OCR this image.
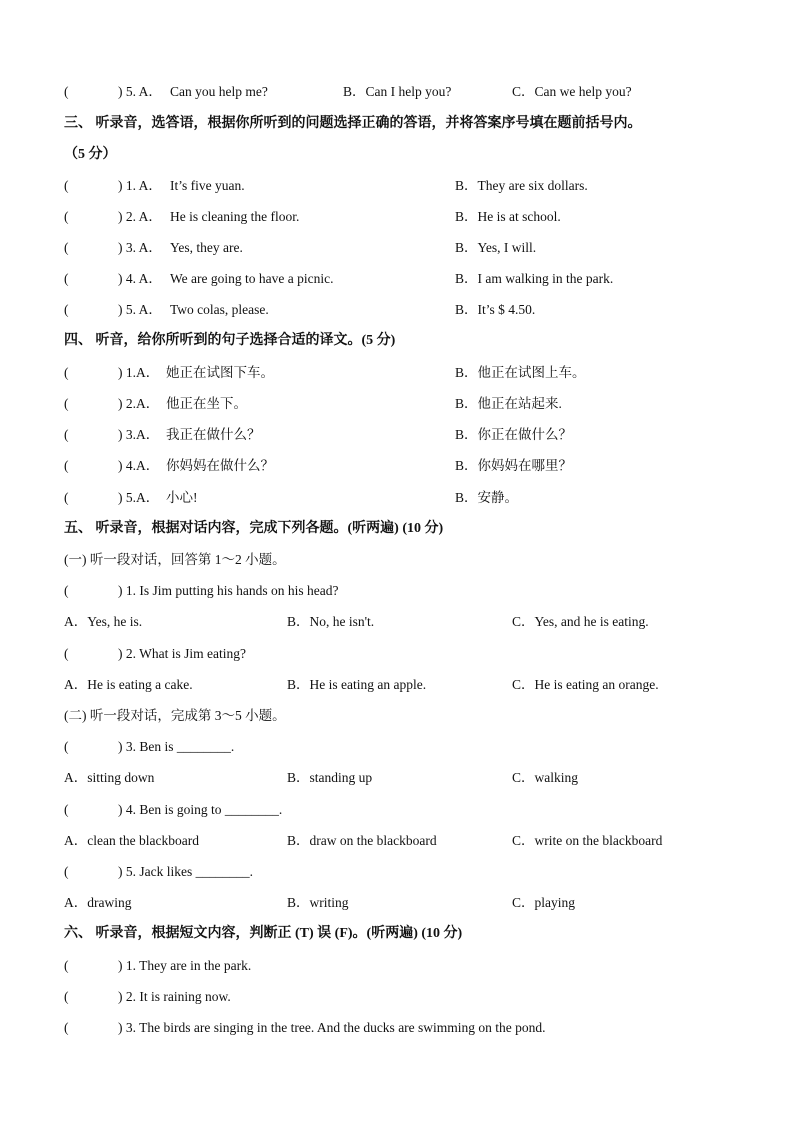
(	) 5. A． Can you help me?	B．Can I help you?	C．Can we help you?
三、 听录音，选答语，根据你所听到的问题选择正确的答语，并将答案序号填在题前括号内。
（5 分）
(	) 1. A． It’s five yuan.	B．They are six dollars.
(	) 2. A． He is cleaning the floor.	B．He is at school.
(	) 3. A． Yes, they are.	B．Yes, I will.
(	) 4. A． We are going to have a picnic.	B．I am walking in the park.
(	) 5. A． Two colas, please.	B．It’s $ 4.50.
四、 听音，给你所听到的句子选择合适的译文。(5 分)
(	) 1.A． 她正在试图下车。	B．他正在试图上车。
(	) 2.A． 他正在坐下。	B．他正在站起来.
(	) 3.A． 我正在做什么？	B．你正在做什么？
(	) 4.A． 你妈妈在做什么？	B．你妈妈在哪里？
(	) 5.A． 小心!	B．安静。
五、 听录音，根据对话内容，完成下列各题。(听两遍) (10 分)
(一) 听一段对话，回答第 1～2 小题。
(	) 1. Is Jim putting his hands on his head?
A．Yes, he is.	B．No, he isn't.	C．Yes, and he is eating.
(	) 2. What is Jim eating?
A．He is eating a cake.	B．He is eating an apple.	C．He is eating an orange.
(二) 听一段对话，完成第 3～5 小题。
(	) 3. Ben is ________.
A．sitting down	B．standing up	C．walking
(	) 4. Ben is going to ________.
A．clean the blackboard	B．draw on the blackboard	C．write on the blackboard
(	) 5. Jack likes ________.
A．drawing	B．writing	C．playing
六、 听录音，根据短文内容，判断正 (T) 误 (F)。(听两遍) (10 分)
(	) 1. They are in the park.
(	) 2. It is raining now.
(	) 3. The birds are singing in the tree. And the ducks are swimming on the pond.
